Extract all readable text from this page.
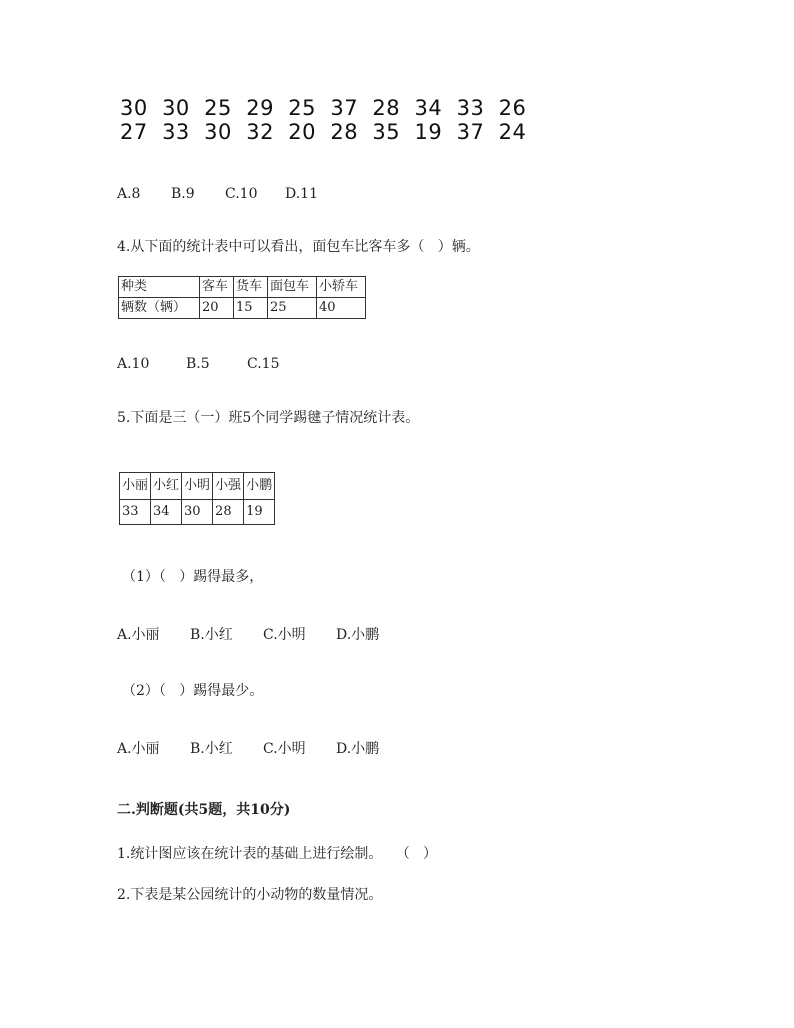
30  30  25  29  25  37  28  34  33  26
27  33  30  32  20  28  35  19  37  24
A.8	B.9	C.10	D.11
4.从下面的统计表中可以看出，面包车比客车多（   ）辆。
种类	客车	货车	面包车	小轿车
辆数（辆）	20	15	25	40
A.10	B.5	C.15
5.下面是三（一）班5个同学踢毽子情况统计表。
小丽	小红	小明	小强	小鹏
33	34	30	28	19
（1）（   ）踢得最多，
A.小丽	B.小红	C.小明	D.小鹏
（2）（   ）踢得最少。
A.小丽	B.小红	C.小明	D.小鹏
二.判断题(共5题，共10分)
1.统计图应该在统计表的基础上进行绘制。   （   ）
2.下表是某公园统计的小动物的数量情况。
